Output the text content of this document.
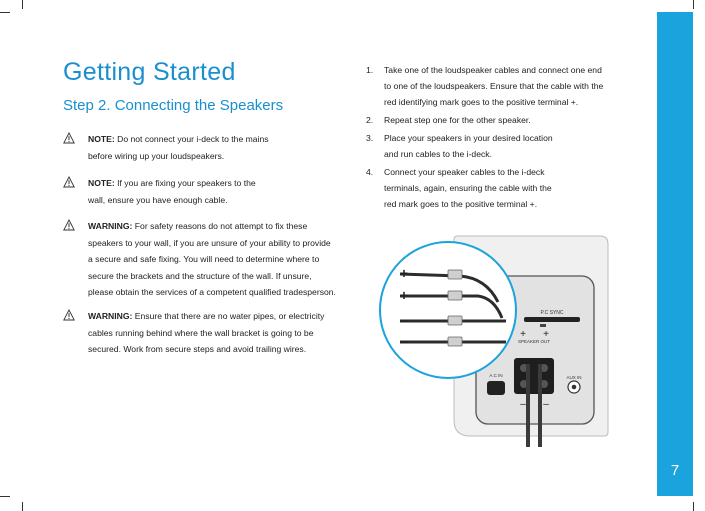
7
Getting Started
Step 2. Connecting the Speakers
NOTE: Do not connect your i-deck to the mains
before wiring up your loudspeakers.
NOTE: If you are fixing your speakers to the
wall, ensure you have enough cable.
WARNING: For safety reasons do not attempt to fix these
speakers to your wall, if you are unsure of your ability to provide
a secure and safe fixing. You will need to determine where to
secure the brackets and the structure of the wall. If unsure,
please obtain the services of a competent qualified tradesperson.
WARNING: Ensure that there are no water pipes, or electricity
cables running behind where the wall bracket is going to be
secured. Work from secure steps and avoid trailing wires.
1. Take one of the loudspeaker cables and connect one end
to one of the loudspeakers. Ensure that the cable with the
red identifying mark goes to the positive terminal +.
2. Repeat step one for the other speaker.
3. Place your speakers in your desired location
and run cables to the i-deck.
4. Connect your speaker cables to the i-deck
terminals, again, ensuring the cable with the
red mark goes to the positive terminal +.
P.C SYNC
+ +
SPEAKER OUT
– –
A.C IN	AUX IN
+
+
–
–
